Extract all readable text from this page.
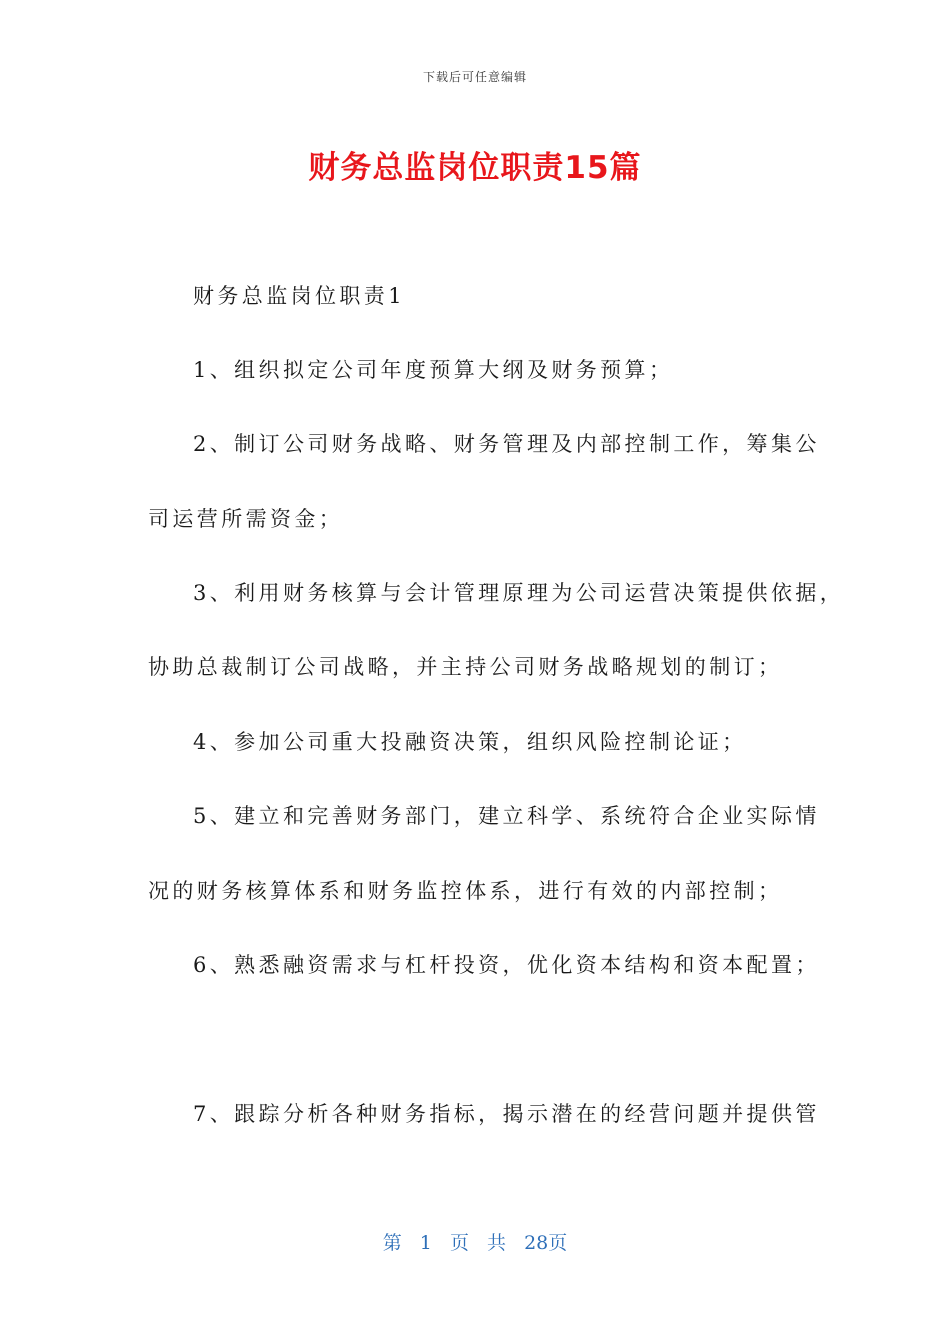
下载后可任意编辑
财务总监岗位职责15篇
财务总监岗位职责1
1、组织拟定公司年度预算大纲及财务预算；
2、制订公司财务战略、财务管理及内部控制工作，筹集公
司运营所需资金；
3、利用财务核算与会计管理原理为公司运营决策提供依据，
协助总裁制订公司战略，并主持公司财务战略规划的制订；
4、参加公司重大投融资决策，组织风险控制论证；
5、建立和完善财务部门，建立科学、系统符合企业实际情
况的财务核算体系和财务监控体系，进行有效的内部控制；
6、熟悉融资需求与杠杆投资，优化资本结构和资本配置；
7、跟踪分析各种财务指标，揭示潜在的经营问题并提供管
第 1 页 共 28页
